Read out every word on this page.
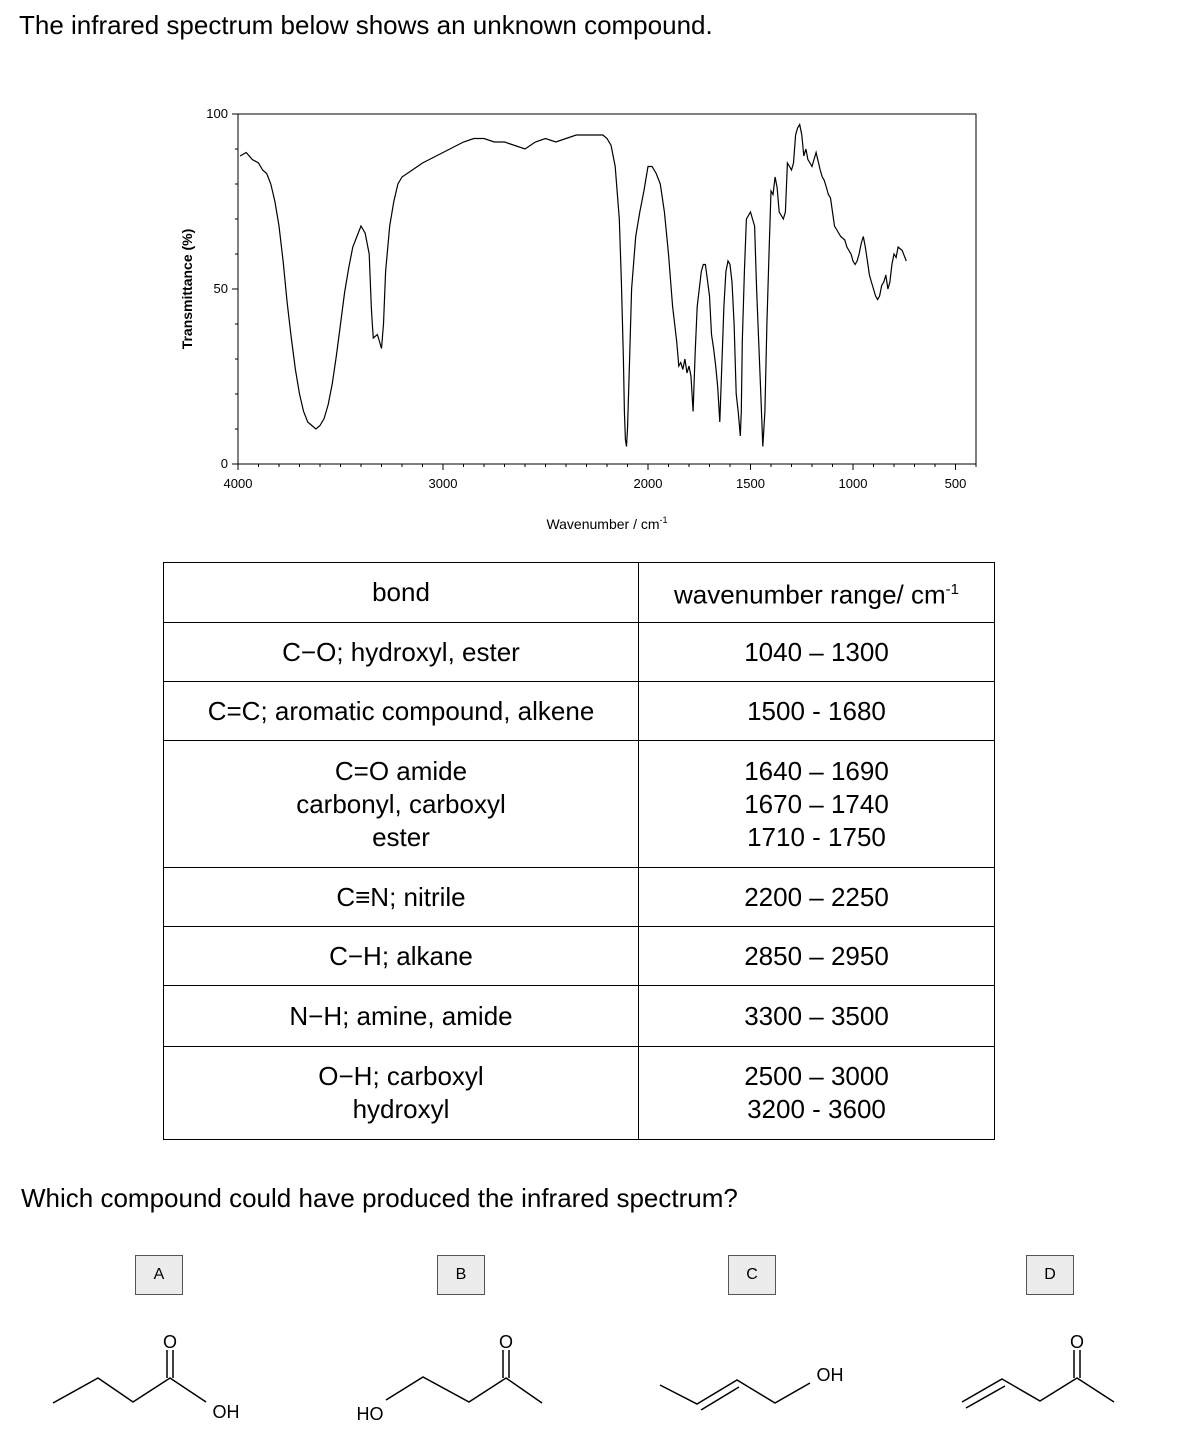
The infrared spectrum below shows an unknown compound.
0
50
100
4000	3000	2000	1500	1000	500
Wavenumber / $cm^{-1}$
Transmittance (%)
bond	wavenumber range/ $cm^{-1}$
C−O; hydroxyl, ester	1040 – 1300
C=C; aromatic compound, alkene	1500 - 1680
C=O amide
carbonyl, carboxyl
ester	1640 – 1690
1670 – 1740
1710 - 1750
C≡N; nitrile	2200 – 2250
C−H; alkane	2850 – 2950
N−H; amine, amide	3300 – 3500
O−H; carboxyl
hydroxyl	2500 – 3000
3200 - 3600
Which compound could have produced the infrared spectrum?
A	B	C	D
O
OH
O
HO
OH
O
